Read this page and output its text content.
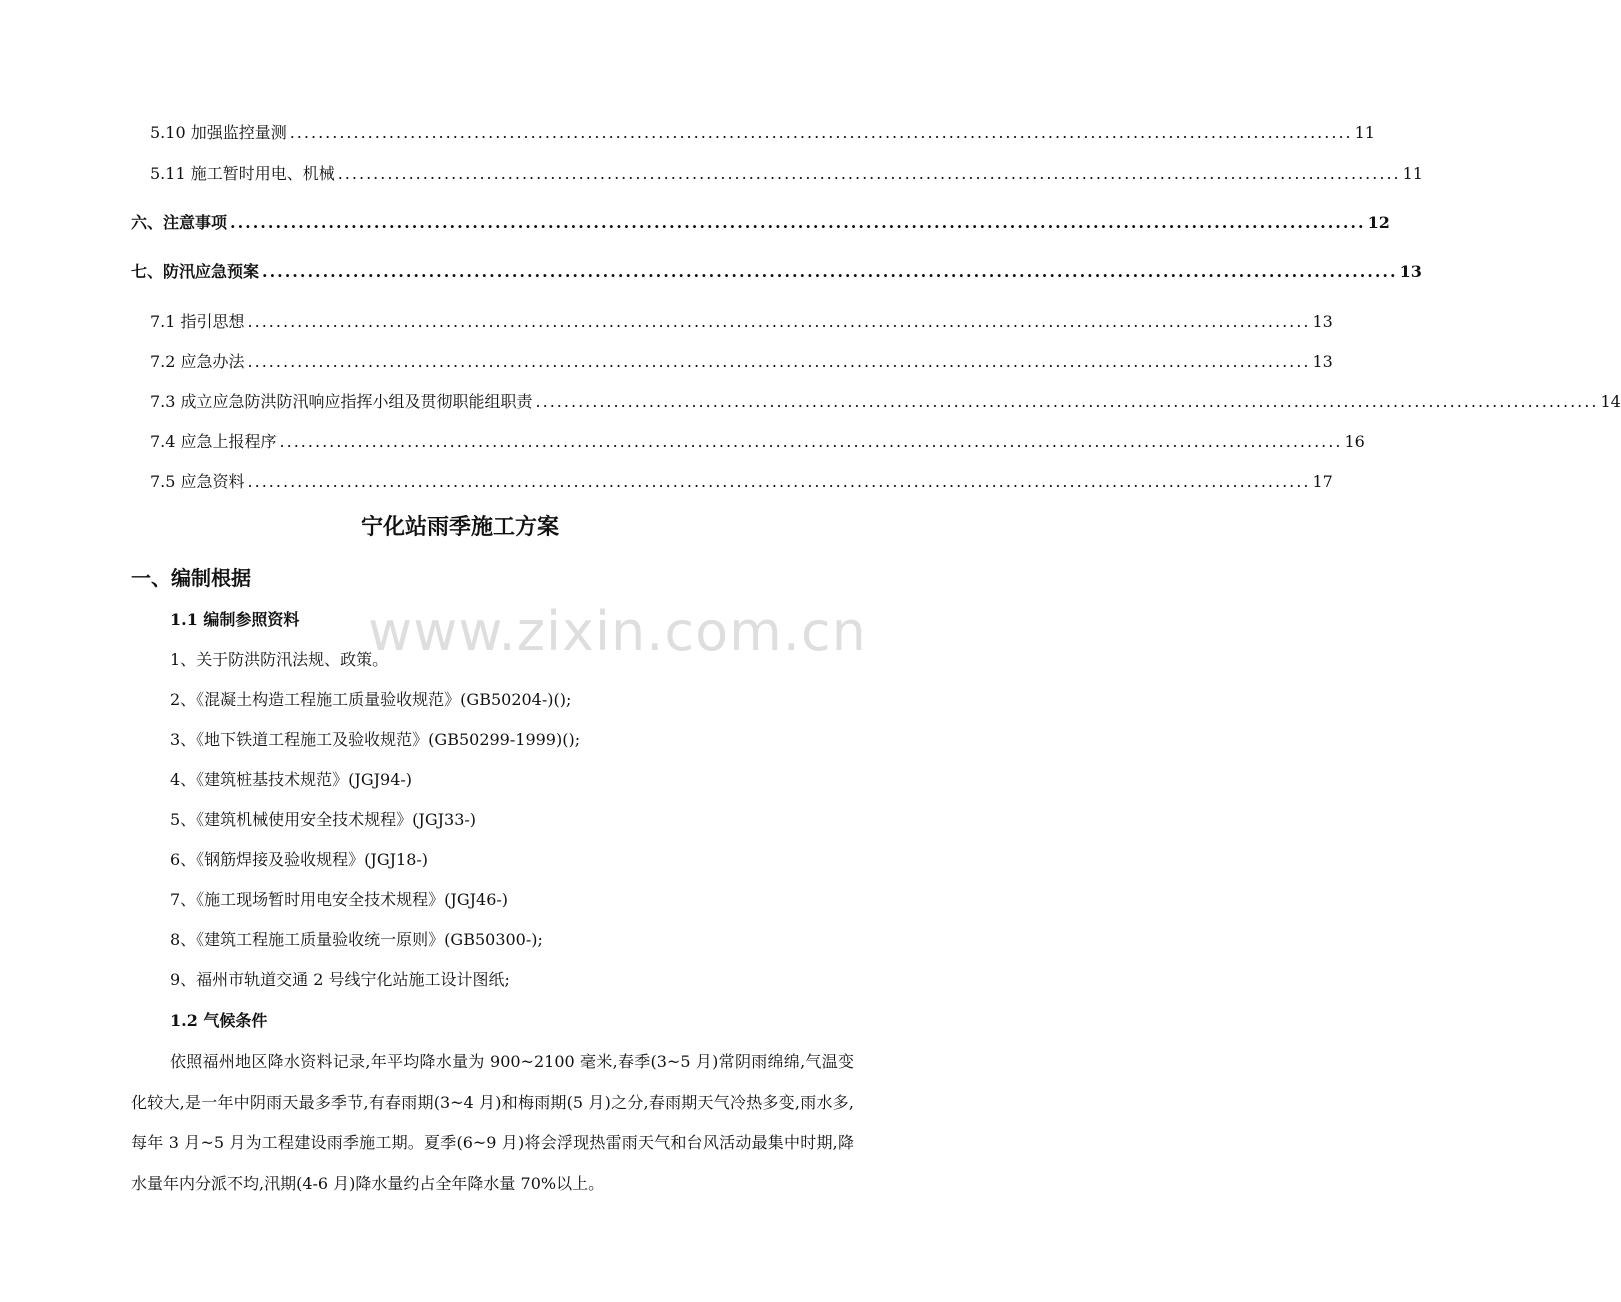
5.10 加强监控量测 ...................................................................................................................................................... 11
5.11 施工暂时用电、机械 ...................................................................................................................................................... 11
六、注意事项 ...................................................................................................................................................... 12
七、防汛应急预案 ...................................................................................................................................................... 13
7.1 指引思想 ...................................................................................................................................................... 13
7.2 应急办法 ...................................................................................................................................................... 13
7.3 成立应急防洪防汛响应指挥小组及贯彻职能组职责 ...................................................................................................................................................... 14
7.4 应急上报程序 ...................................................................................................................................................... 16
7.5 应急资料 ...................................................................................................................................................... 17
宁化站雨季施工方案
一、编制根据
1.1 编制参照资料
1、关于防洪防汛法规、政策。
2、《混凝土构造工程施工质量验收规范》(GB50204-)();
3、《地下铁道工程施工及验收规范》(GB50299-1999)();
4、《建筑桩基技术规范》(JGJ94-)
5、《建筑机械使用安全技术规程》(JGJ33-)
6、《钢筋焊接及验收规程》(JGJ18-)
7、《施工现场暂时用电安全技术规程》(JGJ46-)
8、《建筑工程施工质量验收统一原则》(GB50300-);
9、福州市轨道交通 2 号线宁化站施工设计图纸;
1.2 气候条件
依照福州地区降水资料记录,年平均降水量为 900~2100 毫米,春季(3~5 月)常阴雨绵绵,气温变化较大,是一年中阴雨天最多季节,有春雨期(3~4 月)和梅雨期(5 月)之分,春雨期天气冷热多变,雨水多,每年 3 月~5 月为工程建设雨季施工期。夏季(6~9 月)将会浮现热雷雨天气和台风活动最集中时期,降水量年内分派不均,汛期(4-6 月)降水量约占全年降水量 70%以上。
www.zixin.com.cn
